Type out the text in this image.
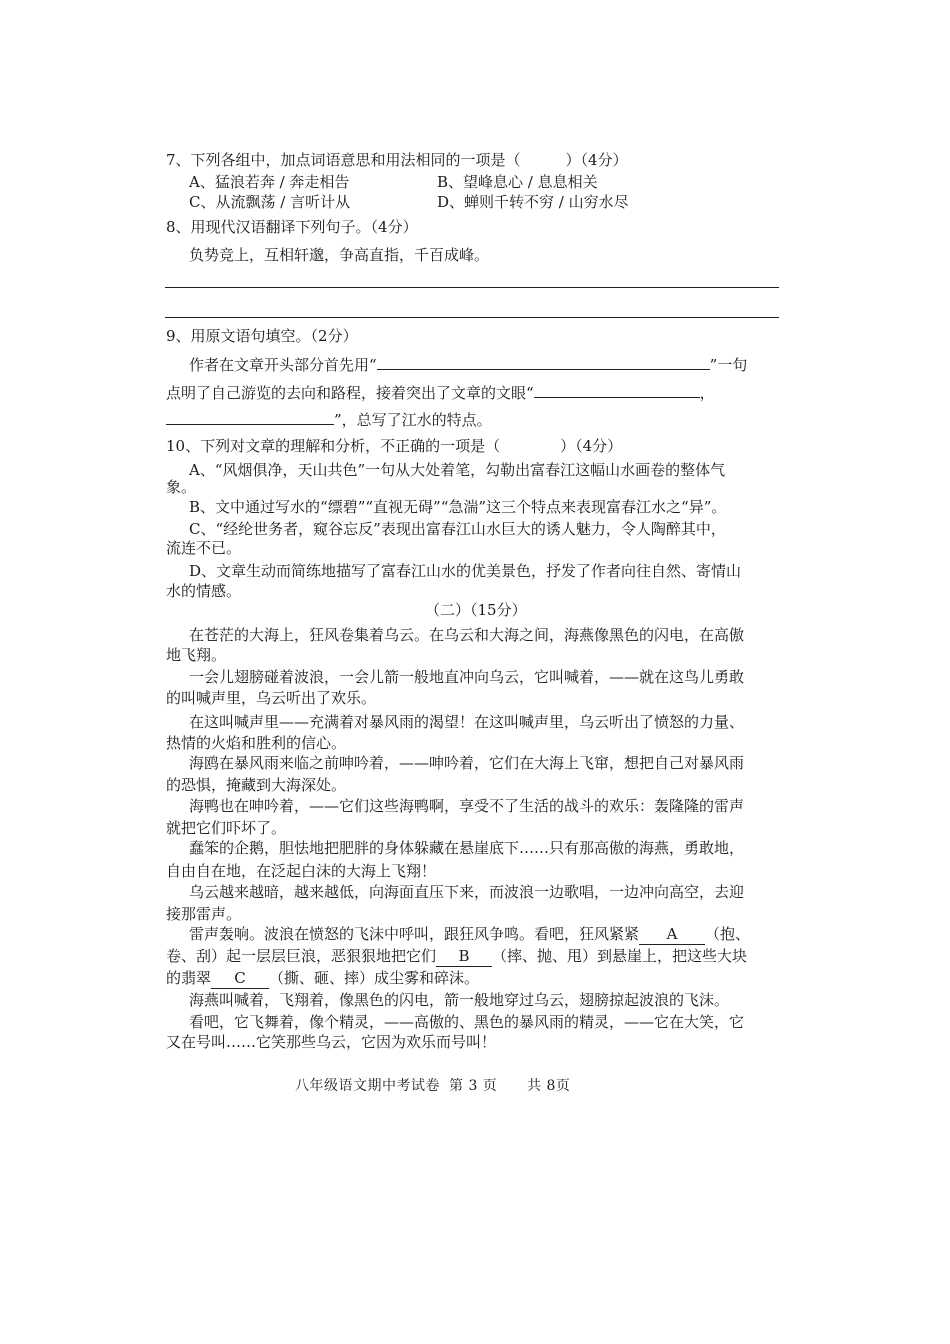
7、下列各组中，加点词语意思和用法相同的一项是（　　　）（4分）
A、猛浪若奔 / 奔走相告	B、望峰息心 / 息息相关
C、从流飘荡 / 言听计从	D、蝉则千转不穷 / 山穷水尽
8、用现代汉语翻译下列句子。（4分）
负势竞上，互相轩邈，争高直指，千百成峰。
9、用原文语句填空。（2分）
作者在文章开头部分首先用“	”一句
点明了自己游览的去向和路程，接着突出了文章的文眼“	，
”，总写了江水的特点。
10、下列对文章的理解和分析，不正确的一项是（　　　　）（4分）
A、“风烟俱净，天山共色”一句从大处着笔，勾勒出富春江这幅山水画卷的整体气
象。
B、文中通过写水的“缥碧”“直视无碍”“急湍”这三个特点来表现富春江水之“异”。
C、“经纶世务者，窥谷忘反”表现出富春江山水巨大的诱人魅力，令人陶醉其中，
流连不已。
D、文章生动而简练地描写了富春江山水的优美景色，抒发了作者向往自然、寄情山
水的情感。
（二）（15分）
在苍茫的大海上，狂风卷集着乌云。在乌云和大海之间，海燕像黑色的闪电，在高傲
地飞翔。
一会儿翅膀碰着波浪，一会儿箭一般地直冲向乌云，它叫喊着，——就在这鸟儿勇敢
的叫喊声里，乌云听出了欢乐。
在这叫喊声里——充满着对暴风雨的渴望！在这叫喊声里，乌云听出了愤怒的力量、
热情的火焰和胜利的信心。
海鸥在暴风雨来临之前呻吟着，——呻吟着，它们在大海上飞窜，想把自己对暴风雨
的恐惧，掩藏到大海深处。
海鸭也在呻吟着，——它们这些海鸭啊，享受不了生活的战斗的欢乐：轰隆隆的雷声
就把它们吓坏了。
蠢笨的企鹅，胆怯地把肥胖的身体躲藏在悬崖底下……只有那高傲的海燕，勇敢地，
自由自在地，在泛起白沫的大海上飞翔！
乌云越来越暗，越来越低，向海面直压下来，而波浪一边歌唱，一边冲向高空，去迎
接那雷声。
雷声轰响。波浪在愤怒的飞沫中呼叫，跟狂风争鸣。看吧，狂风紧紧 A （抱、
卷、刮）起一层层巨浪，恶狠狠地把它们 B （摔、抛、甩）到悬崖上，把这些大块
的翡翠 C （撕、砸、摔）成尘雾和碎沫。
海燕叫喊着，飞翔着，像黑色的闪电，箭一般地穿过乌云，翅膀掠起波浪的飞沫。
看吧，它飞舞着，像个精灵，——高傲的、黑色的暴风雨的精灵，——它在大笑，它
又在号叫……它笑那些乌云，它因为欢乐而号叫！
八年级语文期中考试卷 第 3 页 共 8页
